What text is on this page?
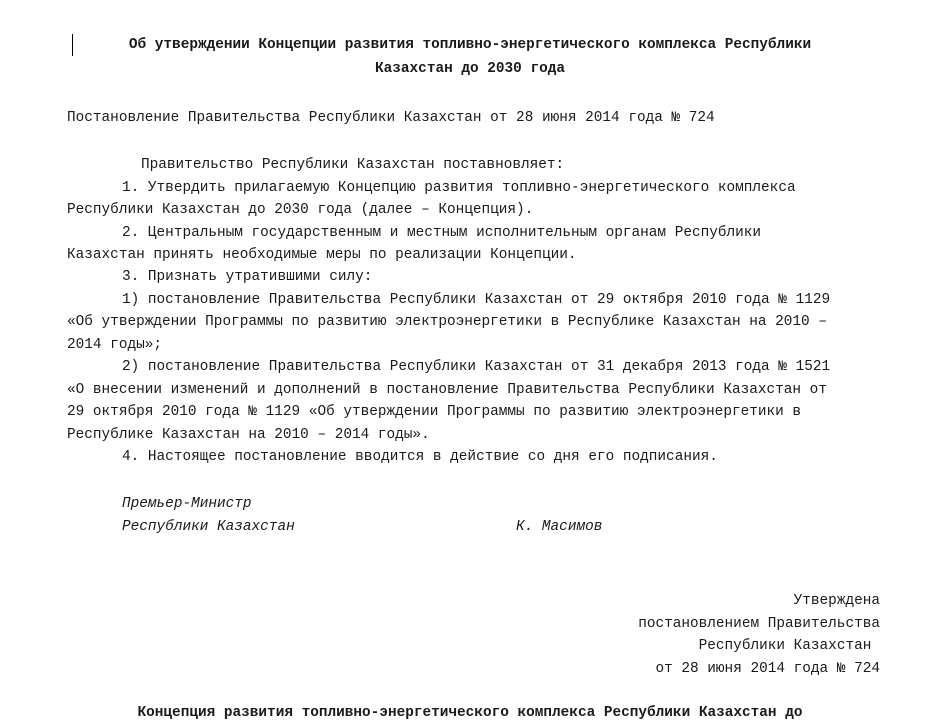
Об утверждении Концепции развития топливно-энергетического комплекса Республики
Казахстан до 2030 года
Постановление Правительства Республики Казахстан от 28 июня 2014 года № 724
Правительство Республики Казахстан поставновляет:
1. Утвердить прилагаемую Концепцию развития топливно-энергетического комплекса
Республики Казахстан до 2030 года (далее – Концепция).
2. Центральным государственным и местным исполнительным органам Республики
Казахстан принять необходимые меры по реализации Концепции.
3. Признать утратившими силу:
1) постановление Правительства Республики Казахстан от 29 октября 2010 года № 1129
«Об утверждении Программы по развитию электроэнергетики в Республике Казахстан на 2010 –
2014 годы»;
2) постановление Правительства Республики Казахстан от 31 декабря 2013 года № 1521
«О внесении изменений и дополнений в постановление Правительства Республики Казахстан от
29 октября 2010 года № 1129 «Об утверждении Программы по развитию электроэнергетики в
Республике Казахстан на 2010 – 2014 годы».
4. Настоящее постановление вводится в действие со дня его подписания.
Премьер-Министр
Республики Казахстан	К. Масимов
Утверждена
постановлением Правительства
Республики Казахстан
от 28 июня 2014 года № 724
Концепция развития топливно-энергетического комплекса Республики Казахстан до
